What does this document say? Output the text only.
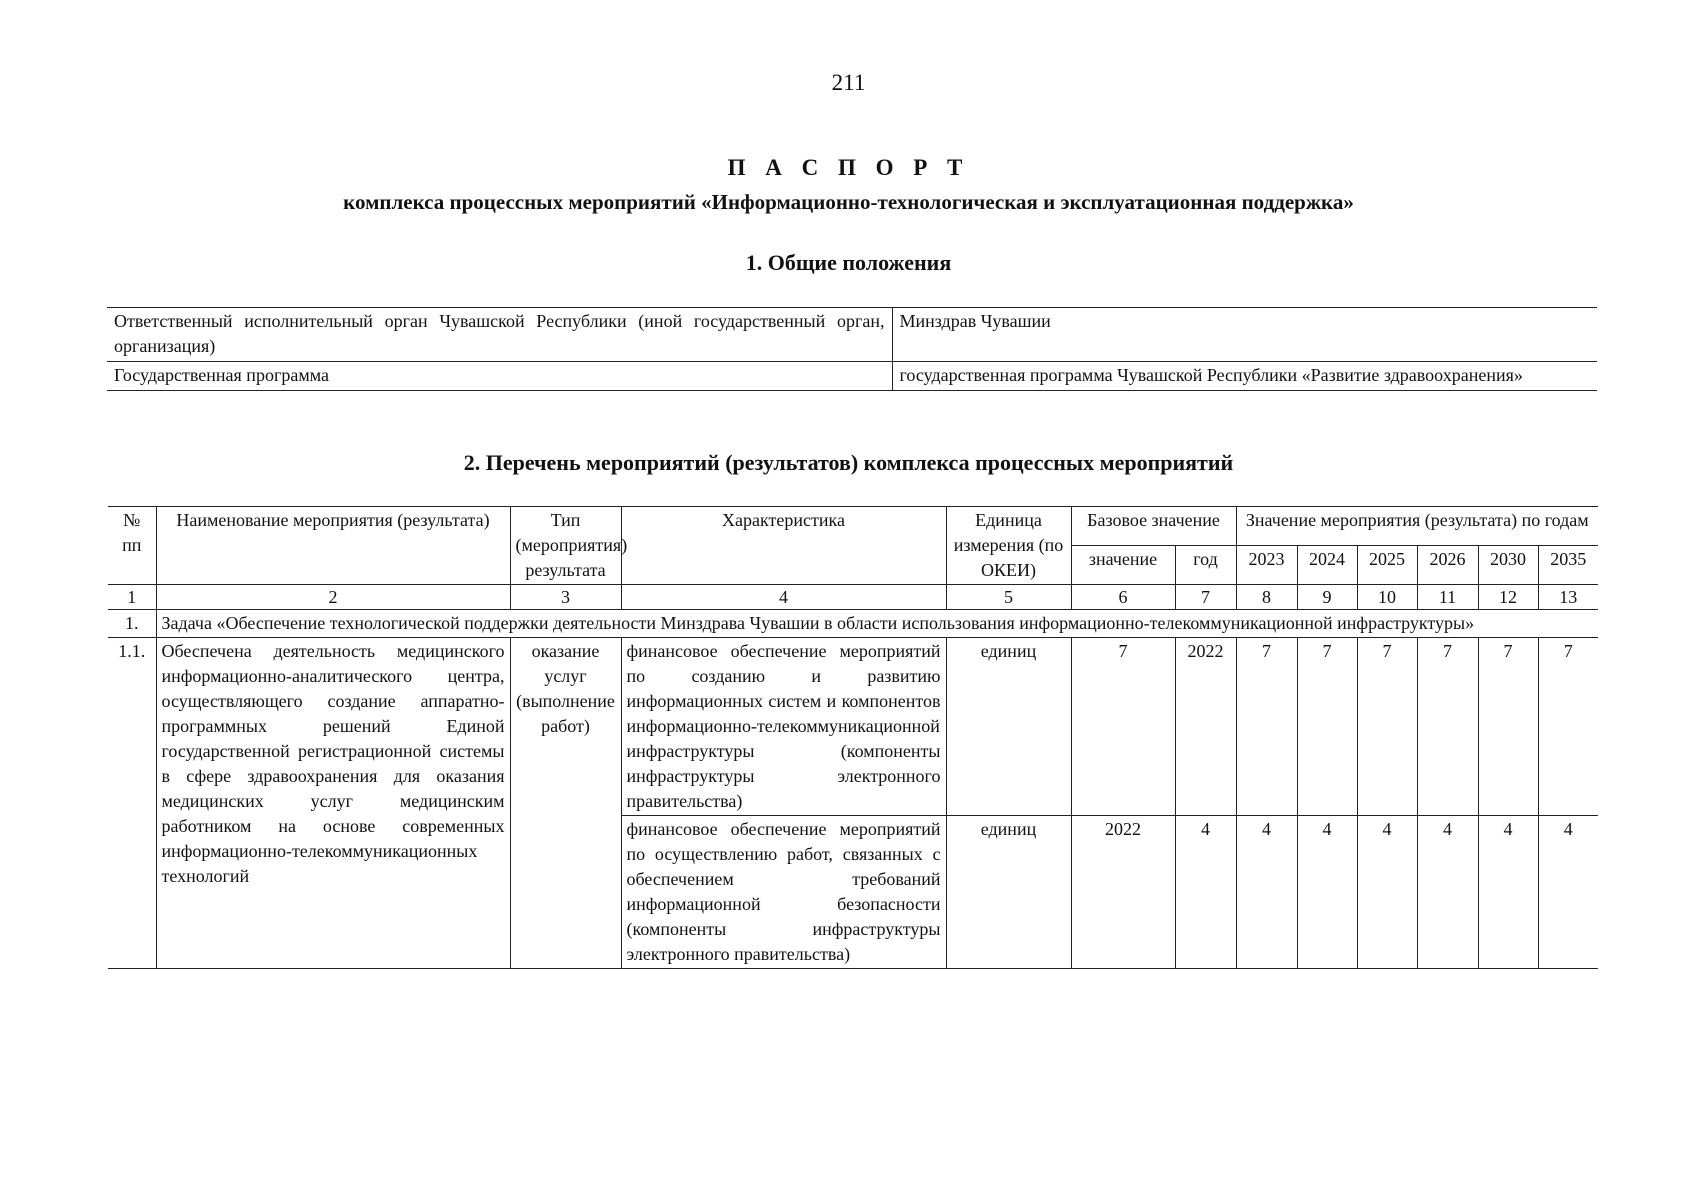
211
П А С П О Р Т
комплекса процессных мероприятий «Информационно-технологическая и эксплуатационная поддержка»
1. Общие положения
Ответственный исполнительный орган Чувашской Республики (иной государственный орган, организация)	Минздрав Чувашии
Государственная программа	государственная программа Чувашской Республики «Развитие здравоохранения»
2. Перечень мероприятий (результатов) комплекса процессных мероприятий
№ пп	Наименование мероприятия (результата)	Тип (мероприятия) результата	Характеристика	Единица измерения (по ОКЕИ)	Базовое значение		Значение мероприятия (результата) по годам					
					значение	год	2023	2024	2025	2026	2030	2035
1	2	3	4	5	6	7	8	9	10	11	12	13
1.	Задача «Обеспечение технологической поддержки деятельности Минздрава Чувашии в области использования информационно-телекоммуникационной инфраструктуры»											
1.1.	Обеспечена деятельность медицинского информационно-аналитического центра, осуществляющего создание аппаратно-программных решений Единой государственной регистрационной системы в сфере здравоохранения для оказания медицинских услуг медицинским работником на основе современных информационно-телекоммуникационных технологий	оказание услуг (выполнение работ)	финансовое обеспечение мероприятий по созданию и развитию информационных систем и компонентов информационно-телекоммуникационной инфраструктуры (компоненты инфраструктуры электронного правительства)	единиц	7	2022	7	7	7	7	7	7
			финансовое обеспечение мероприятий по осуществлению работ, связанных с обеспечением требований информационной безопасности (компоненты инфраструктуры электронного правительства)	единиц	2022	4	4	4	4	4	4	4
